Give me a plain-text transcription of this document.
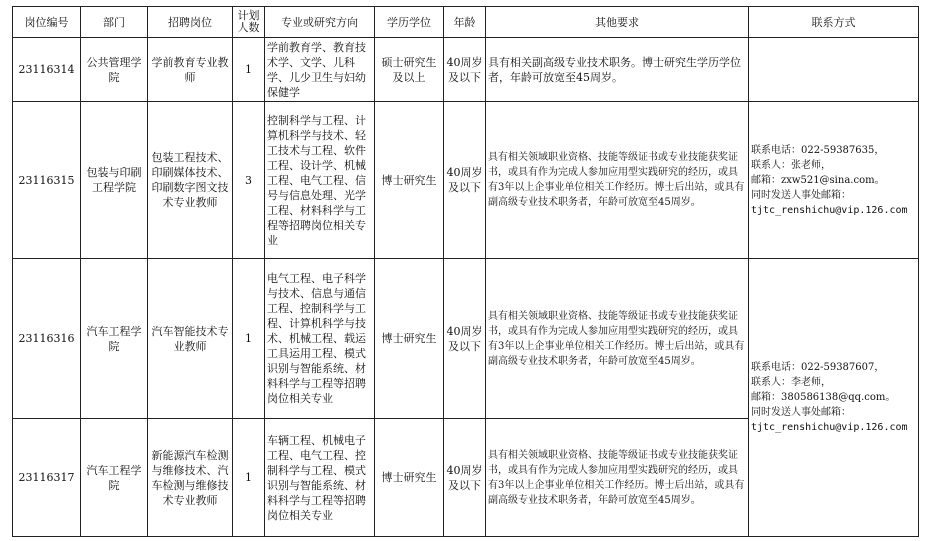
岗位编号	部门	招聘岗位	计划人数	专业或研究方向	学历学位	年龄	其他要求	联系方式
23116314	公共管理学院	学前教育专业教师	1	学前教育学、教育技术学、文学、儿科学、儿少卫生与妇幼保健学	硕士研究生及以上	40周岁及以下	具有相关副高级专业技术职务。博士研究生学历学位者，年龄可放宽至45周岁。	
23116315	包装与印刷工程学院	包装工程技术、印刷媒体技术、印刷数字图文技术专业教师	3	控制科学与工程、计算机科学与技术、轻工技术与工程、软件工程、设计学、机械工程、电气工程、信号与信息处理、光学工程、材料科学与工程等招聘岗位相关专业	博士研究生	40周岁及以下	具有相关领域职业资格、技能等级证书或专业技能获奖证书，或具有作为完成人参加应用型实践研究的经历，或具有3年以上企事业单位相关工作经历。博士后出站，或具有副高级专业技术职务者，年龄可放宽至45周岁。	联系电话：022-59387635，
联系人：张老师，
邮箱：zxw521@sina.com。
同时发送人事处邮箱：
tjtc_renshichu@vip.126.com

23116316	汽车工程学院	汽车智能技术专业教师	1	电气工程、电子科学与技术、信息与通信工程、控制科学与工程、计算机科学与技术、机械工程、载运工具运用工程、模式识别与智能系统、材料科学与工程等招聘岗位相关专业	博士研究生	40周岁及以下	具有相关领域职业资格、技能等级证书或专业技能获奖证书，或具有作为完成人参加应用型实践研究的经历，或具有3年以上企事业单位相关工作经历。博士后出站，或具有副高级专业技术职务者，年龄可放宽至45周岁。	联系电话：022-59387607，
联系人：李老师，
邮箱：380586138@qq.com。
同时发送人事处邮箱：
tjtc_renshichu@vip.126.com

23116317	汽车工程学院	新能源汽车检测与维修技术、汽车检测与维修技术专业教师	1	车辆工程、机械电子工程、电气工程、控制科学与工程、模式识别与智能系统、材料科学与工程等招聘岗位相关专业	博士研究生	40周岁及以下	具有相关领域职业资格、技能等级证书或专业技能获奖证书，或具有作为完成人参加应用型实践研究的经历，或具有3年以上企事业单位相关工作经历。博士后出站，或具有副高级专业技术职务者，年龄可放宽至45周岁。	
